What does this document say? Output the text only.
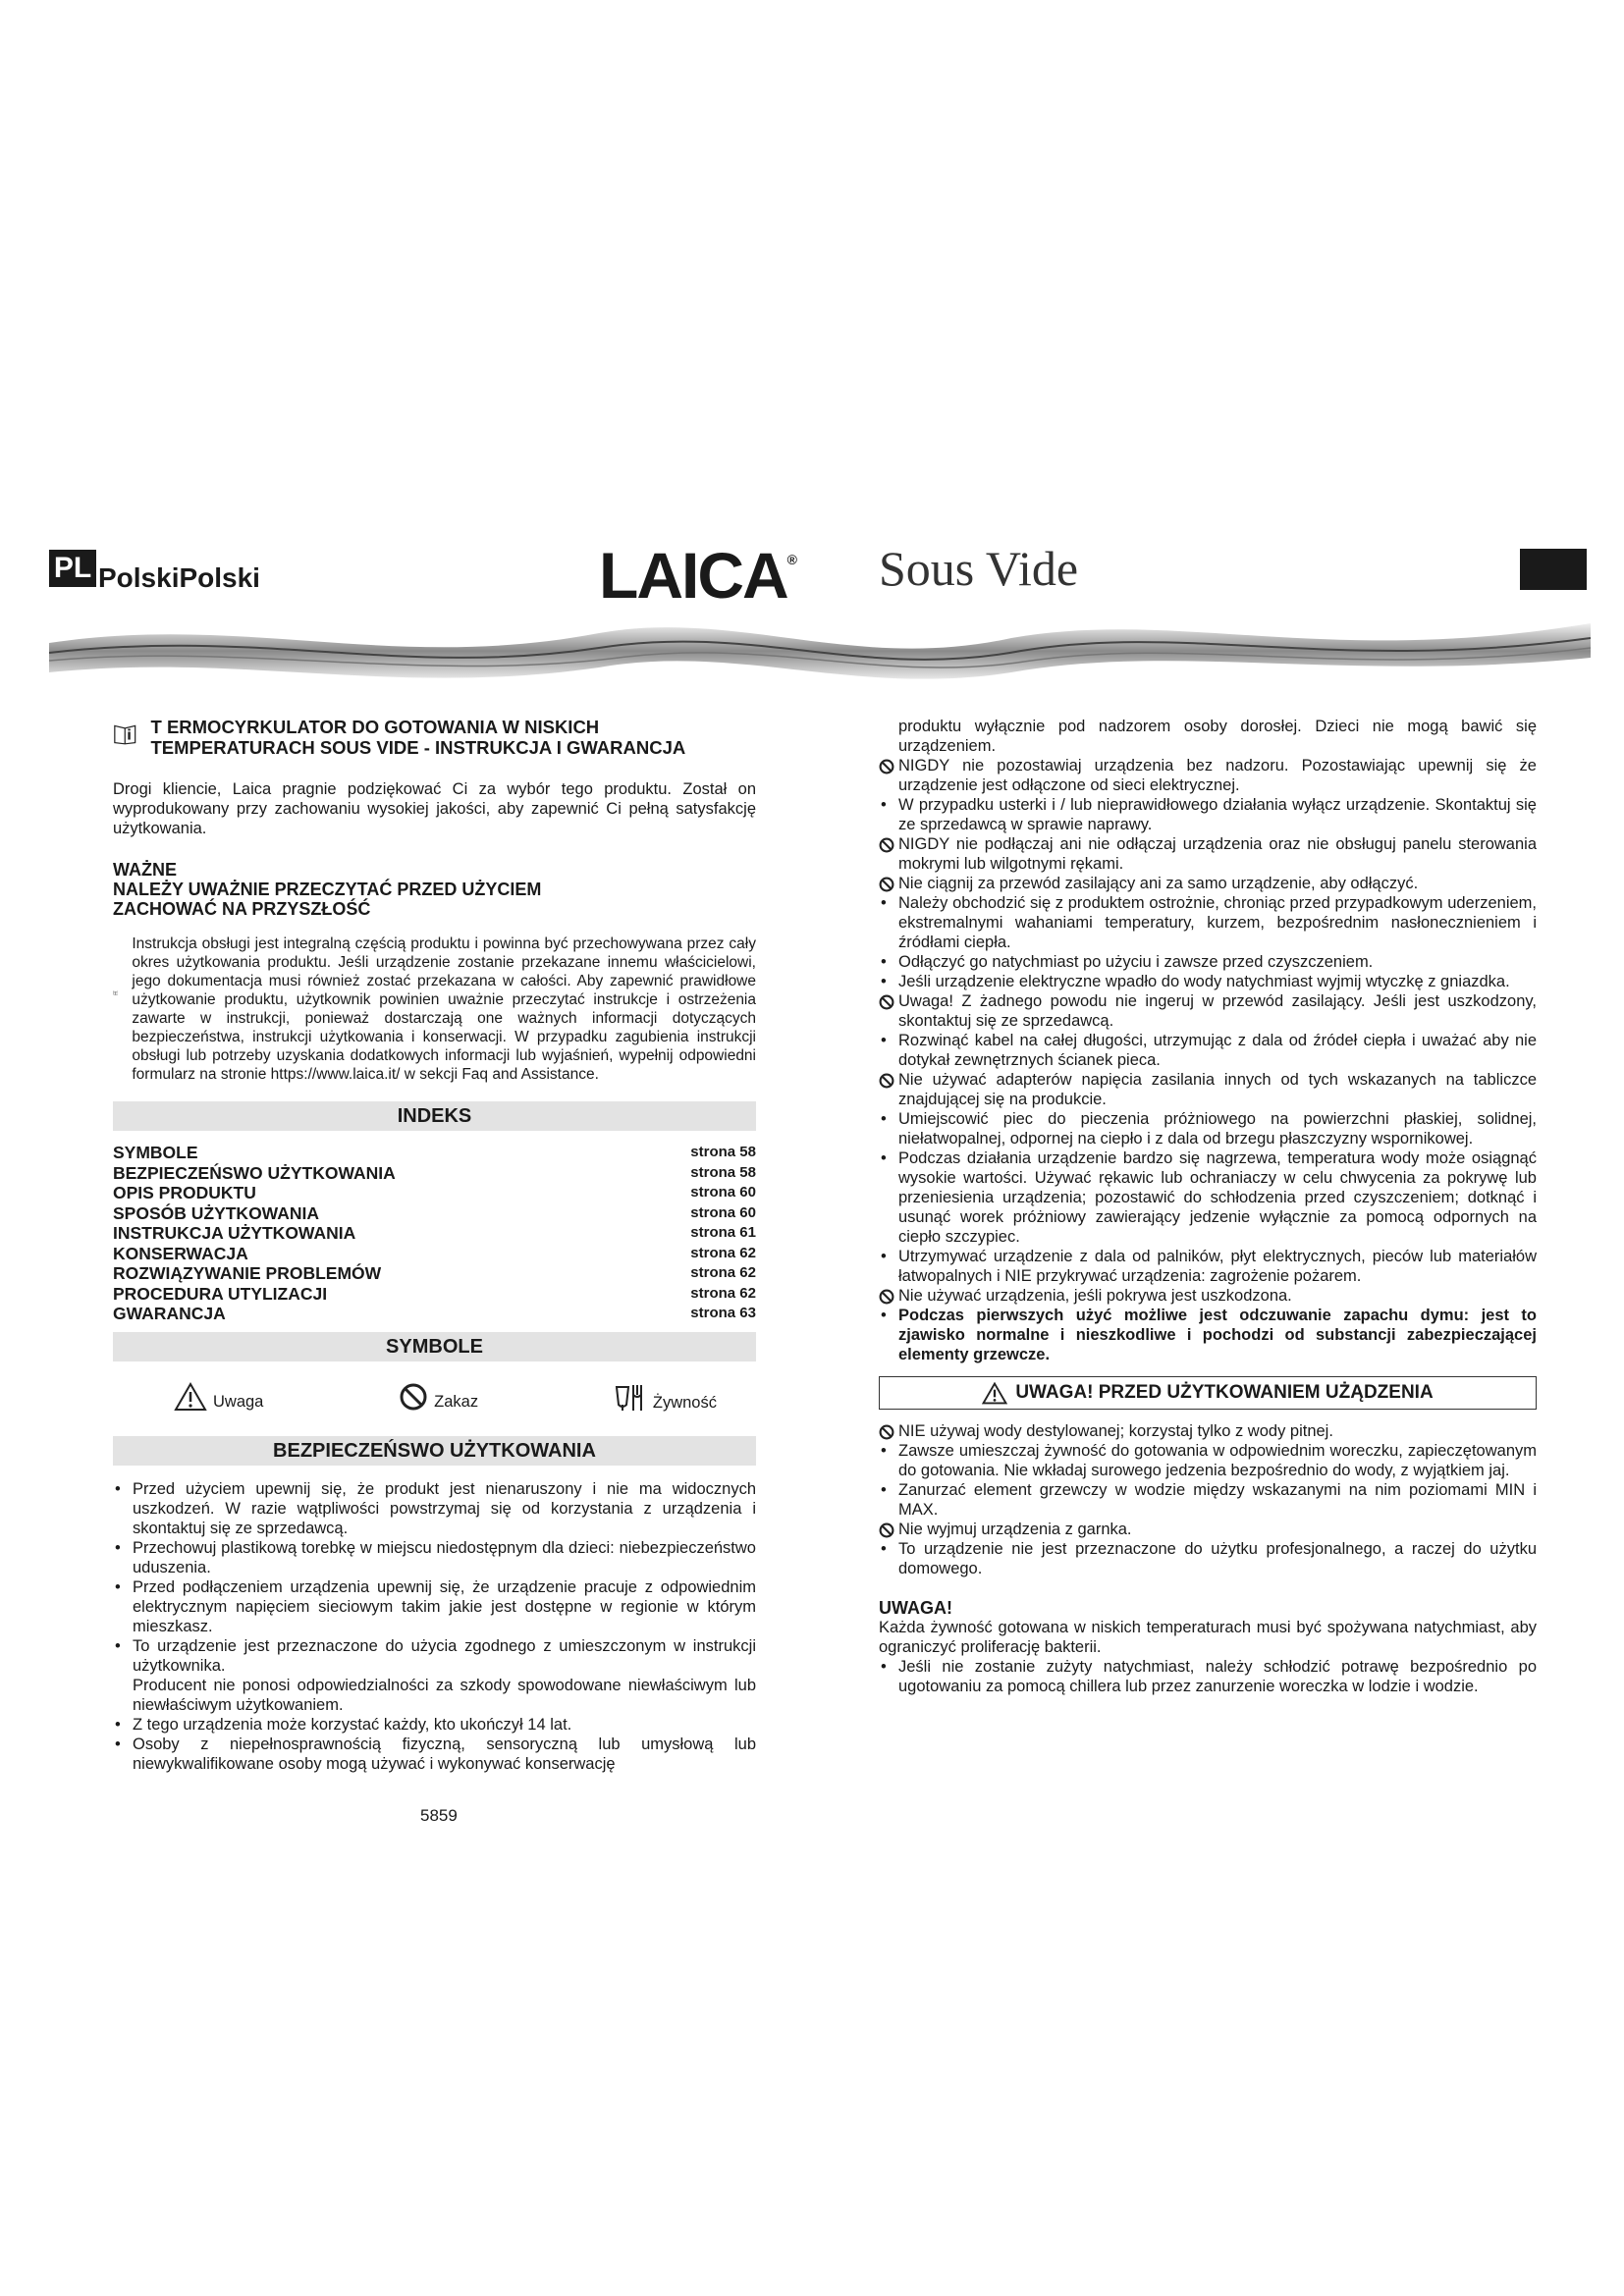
PL PolskiPolski	LAICA® Sous Vide
T ERMOCYRKULATOR DO GOTOWANIA W NISKICH TEMPERATURACH SOUS VIDE - INSTRUKCJA I GWARANCJA

Drogi kliencie, Laica pragnie podziękować Ci za wybór tego produktu. Został on wyprodukowany przy zachowaniu wysokiej jakości, aby zapewnić Ci pełną satysfakcję użytkowania.

WAŻNE
NALEŻY UWAŻNIE PRZECZYTAĆ PRZED UŻYCIEM
ZACHOWAĆ NA PRZYSZŁOŚĆ

Instrukcja obsługi jest integralną częścią produktu i powinna być przechowywana przez cały okres użytkowania produktu. Jeśli urządzenie zostanie przekazane innemu właścicielowi, jego dokumentacja musi również zostać przekazana w całości. Aby zapewnić prawidłowe użytkowanie produktu, użytkownik powinien uważnie przeczytać instrukcje i ostrzeżenia zawarte w instrukcji, ponieważ dostarczają one ważnych informacji dotyczących bezpieczeństwa, instrukcji użytkowania i konserwacji. W przypadku zagubienia instrukcji obsługi lub potrzeby uzyskania dodatkowych informacji lub wyjaśnień, wypełnij odpowiedni formularz na stronie https://www.laica.it/ w sekcji Faq and Assistance.

INDEKS
SYMBOLE	strona 58
BEZPIECZEŃSWO UŻYTKOWANIA	strona 58
OPIS PRODUKTU	strona 60
SPOSÓB UŻYTKOWANIA	strona 60
INSTRUKCJA UŻYTKOWANIA	strona 61
KONSERWACJA	strona 62
ROZWIĄZYWANIE PROBLEMÓW	strona 62
PROCEDURA UTYLIZACJI	strona 62
GWARANCJA	strona 63
SYMBOLE
Uwaga	Zakaz	Żywność
BEZPIECZEŃSWO UŻYTKOWANIA
• Przed użyciem upewnij się, że produkt jest nienaruszony i nie ma widocznych uszkodzeń. W razie wątpliwości powstrzymaj się od korzystania z urządzenia i skontaktuj się ze sprzedawcą.
• Przechowuj plastikową torebkę w miejscu niedostępnym dla dzieci: niebezpieczeństwo uduszenia.
• Przed podłączeniem urządzenia upewnij się, że urządzenie pracuje z odpowiednim elektrycznym napięciem sieciowym takim jakie jest dostępne w regionie w którym mieszkasz.
• To urządzenie jest przeznaczone do użycia zgodnego z umieszczonym w instrukcji użytkownika.
Producent nie ponosi odpowiedzialności za szkody spowodowane niewłaściwym lub niewłaściwym użytkowaniem.
• Z tego urządzenia może korzystać każdy, kto ukończył 14 lat.
• Osoby z niepełnosprawnością fizyczną, sensoryczną lub umysłową lub niewykwalifikowane osoby mogą używać i wykonywać konserwację
produktu wyłącznie pod nadzorem osoby dorosłej. Dzieci nie mogą bawić się urządzeniem.
NIGDY nie pozostawiaj urządzenia bez nadzoru. Pozostawiając upewnij się że urządzenie jest odłączone od sieci elektrycznej.
• W przypadku usterki i / lub nieprawidłowego działania wyłącz urządzenie. Skontaktuj się ze sprzedawcą w sprawie naprawy.
NIGDY nie podłączaj ani nie odłączaj urządzenia oraz nie obsługuj panelu sterowania mokrymi lub wilgotnymi rękami.
Nie ciągnij za przewód zasilający ani za samo urządzenie, aby odłączyć.
• Należy obchodzić się z produktem ostrożnie, chroniąc przed przypadkowym uderzeniem, ekstremalnymi wahaniami temperatury, kurzem, bezpośrednim nasłonecznieniem i źródłami ciepła.
• Odłączyć go natychmiast po użyciu i zawsze przed czyszczeniem.
• Jeśli urządzenie elektryczne wpadło do wody natychmiast wyjmij wtyczkę z gniazdka.
Uwaga! Z żadnego powodu nie ingeruj w przewód zasilający. Jeśli jest uszkodzony, skontaktuj się ze sprzedawcą.
• Rozwinąć kabel na całej długości, utrzymując z dala od źródeł ciepła i uważać aby nie dotykał zewnętrznych ścianek pieca.
Nie używać adapterów napięcia zasilania innych od tych wskazanych na tabliczce znajdującej się na produkcie.
• Umiejscowić piec do pieczenia próżniowego na powierzchni płaskiej, solidnej, niełatwopalnej, odpornej na ciepło i z dala od brzegu płaszczyzny wspornikowej.
• Podczas działania urządzenie bardzo się nagrzewa, temperatura wody może osiągnąć wysokie wartości. Używać rękawic lub ochraniaczy w celu chwycenia za pokrywę lub przeniesienia urządzenia; pozostawić do schłodzenia przed czyszczeniem; dotknąć i usunąć worek próżniowy zawierający jedzenie wyłącznie za pomocą odpornych na ciepło szczypiec.
• Utrzymywać urządzenie z dala od palników, płyt elektrycznych, pieców lub materiałów łatwopalnych i NIE przykrywać urządzenia: zagrożenie pożarem.
Nie używać urządzenia, jeśli pokrywa jest uszkodzona.
• Podczas pierwszych użyć możliwe jest odczuwanie zapachu dymu: jest to zjawisko normalne i nieszkodliwe i pochodzi od substancji zabezpieczającej elementy grzewcze.
UWAGA! PRZED UŻYTKOWANIEM UŻĄDZENIA
NIE używaj wody destylowanej; korzystaj tylko z wody pitnej.
• Zawsze umieszczaj żywność do gotowania w odpowiednim woreczku, zapieczętowanym do gotowania. Nie wkładaj surowego jedzenia bezpośrednio do wody, z wyjątkiem jaj.
• Zanurzać element grzewczy w wodzie między wskazanymi na nim poziomami MIN i MAX.
Nie wyjmuj urządzenia z garnka.
• To urządzenie nie jest przeznaczone do użytku profesjonalnego, a raczej do użytku domowego.
UWAGA!

Każda żywność gotowana w niskich temperaturach musi być spożywana natychmiast, aby ograniczyć proliferację bakterii.

• Jeśli nie zostanie zużyty natychmiast, należy schłodzić potrawę bezpośrednio po ugotowaniu za pomocą chillera lub przez zanurzenie woreczka w lodzie i wodzie.
5859
